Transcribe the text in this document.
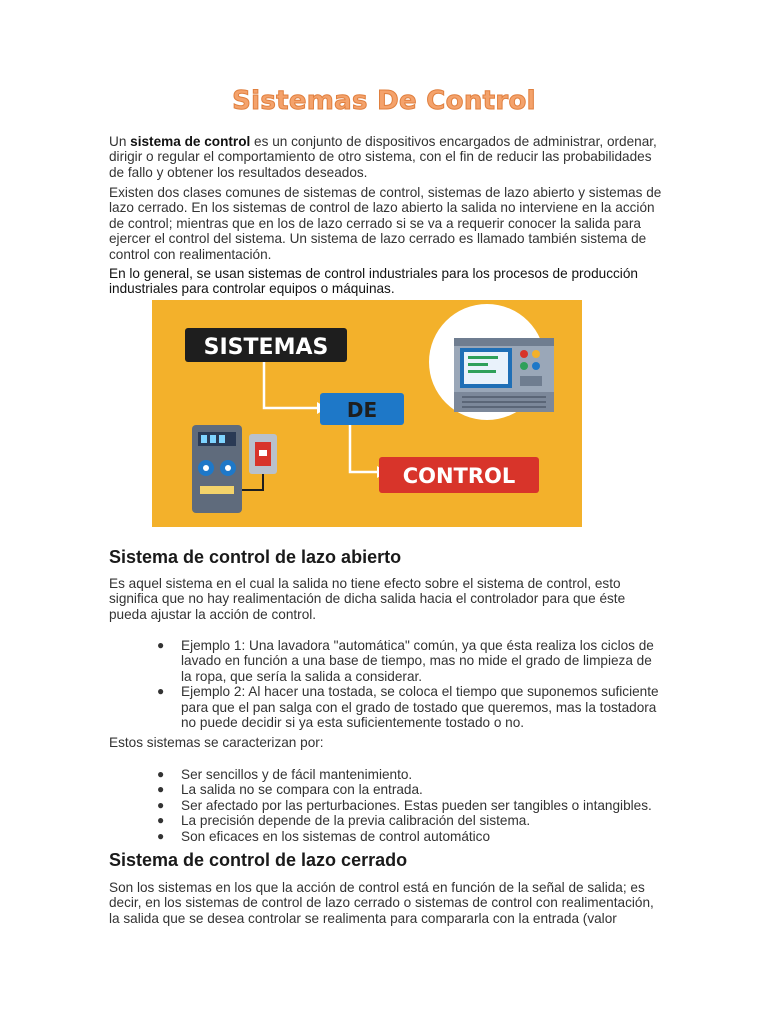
Sistemas De Control

Un sistema de control es un conjunto de dispositivos encargados de administrar, ordenar, dirigir o regular el comportamiento de otro sistema, con el fin de reducir las probabilidades de fallo y obtener los resultados deseados.

Existen dos clases comunes de sistemas de control, sistemas de lazo abierto y sistemas de lazo cerrado. En los sistemas de control de lazo abierto la salida no interviene en la acción de control; mientras que en los de lazo cerrado si se va a requerir conocer la salida para ejercer el control del sistema. Un sistema de lazo cerrado es llamado también sistema de control con realimentación.

En lo general, se usan sistemas de control industriales para los procesos de producción industriales para controlar equipos o máquinas.

SISTEMAS
DE
CONTROL
Sistema de control de lazo abierto

Es aquel sistema en el cual la salida no tiene efecto sobre el sistema de control, esto significa que no hay realimentación de dicha salida hacia el controlador para que éste pueda ajustar la acción de control.

● Ejemplo 1: Una lavadora "automática" común, ya que ésta realiza los ciclos de lavado en función a una base de tiempo, mas no mide el grado de limpieza de la ropa, que sería la salida a considerar.
● Ejemplo 2: Al hacer una tostada, se coloca el tiempo que suponemos suficiente para que el pan salga con el grado de tostado que queremos, mas la tostadora no puede decidir si ya esta suficientemente tostado o no.

Estos sistemas se caracterizan por:

● Ser sencillos y de fácil mantenimiento.
● La salida no se compara con la entrada.
● Ser afectado por las perturbaciones. Estas pueden ser tangibles o intangibles.
● La precisión depende de la previa calibración del sistema.
● Son eficaces en los sistemas de control automático
Sistema de control de lazo cerrado

Son los sistemas en los que la acción de control está en función de la señal de salida; es decir, en los sistemas de control de lazo cerrado o sistemas de control con realimentación, la salida que se desea controlar se realimenta para compararla con la entrada (valor
